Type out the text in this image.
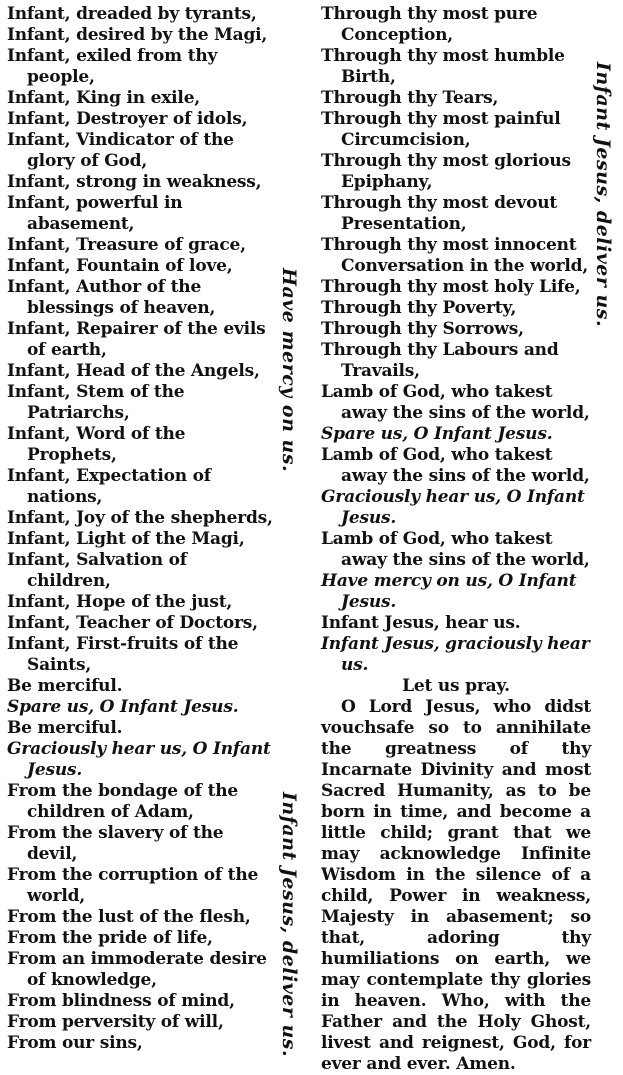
Infant, dreaded by tyrants,
Infant, desired by the Magi,
Infant, exiled from thy people,
Infant, King in exile,
Infant, Destroyer of idols,
Infant, Vindicator of the glory of God,
Infant, strong in weakness,
Infant, powerful in abasement,
Infant, Treasure of grace,
Infant, Fountain of love,
Infant, Author of the blessings of heaven,
Infant, Repairer of the evils of earth,
Infant, Head of the Angels,
Infant, Stem of the Patriarchs,
Infant, Word of the Prophets,
Infant, Expectation of nations,
Infant, Joy of the shepherds,
Infant, Light of the Magi,
Infant, Salvation of children,
Infant, Hope of the just,
Infant, Teacher of Doctors,
Infant, First-fruits of the Saints,
Be merciful.
Spare us, O Infant Jesus.
Be merciful.
Graciously hear us, O Infant Jesus.
From the bondage of the children of Adam,
From the slavery of the devil,
From the corruption of the world,
From the lust of the flesh,
From the pride of life,
From an immoderate desire of knowledge,
From blindness of mind,
From perversity of will,
From our sins,
Have mercy on us.
Infant Jesus, deliver us.
Through thy most pure Conception,
Through thy most humble Birth,
Through thy Tears,
Through thy most painful Circumcision,
Through thy most glorious Epiphany,
Through thy most devout Presentation,
Through thy most innocent Conversation in the world,
Through thy most holy Life,
Through thy Poverty,
Through thy Sorrows,
Through thy Labours and Travails,
Lamb of God, who takest away the sins of the world,
Spare us, O Infant Jesus.
Lamb of God, who takest away the sins of the world,
Graciously hear us, O Infant Jesus.
Lamb of God, who takest away the sins of the world,
Have mercy on us, O Infant Jesus.
Infant Jesus, hear us.
Infant Jesus, graciously hear us.
Let us pray.
O Lord Jesus, who didst vouchsafe so to annihilate the greatness of thy Incarnate Divinity and most Sacred Humanity, as to be born in time, and become a little child; grant that we may acknowledge Infinite Wisdom in the silence of a child, Power in weakness, Majesty in abasement; so that, adoring thy humiliations on earth, we may contemplate thy glories in heaven. Who, with the Father and the Holy Ghost, livest and reignest, God, for ever and ever. Amen.
Infant Jesus, deliver us.
